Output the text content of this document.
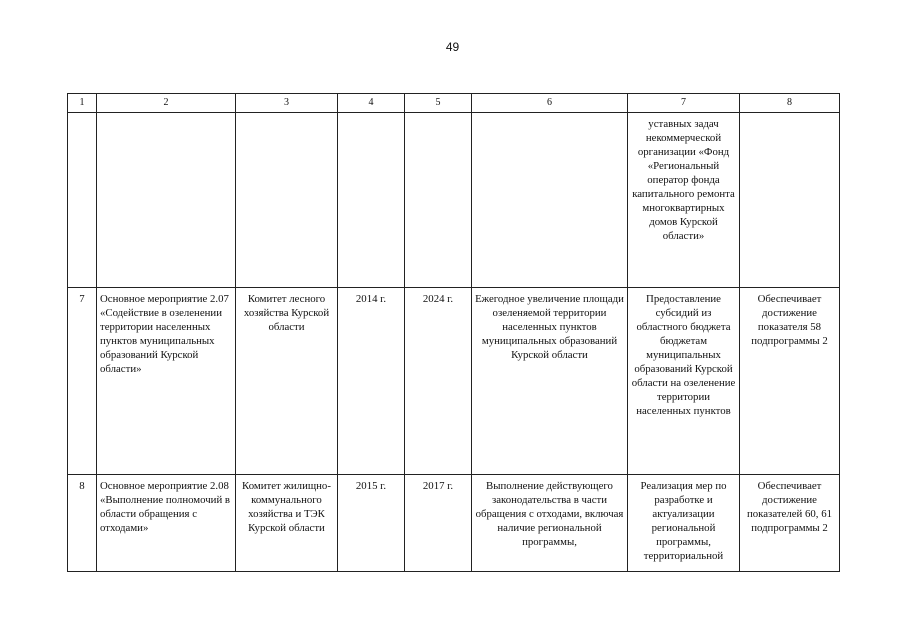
49
1	2	3	4	5	6	7	8
						уставных задач некоммерческой организации «Фонд «Региональный оператор фонда капитального ремонта многоквартирных домов Курской области»	
7	Основное мероприятие 2.07 «Содействие в озеленении территории населенных пунктов муниципальных образований Курской области»	Комитет лесного хозяйства Курской области	2014 г.	2024 г.	Ежегодное увеличение площади озеленяемой территории населенных пунктов муниципальных образований Курской области	Предоставление субсидий из областного бюджета бюджетам муниципальных образований Курской области на озеленение территории населенных пунктов	Обеспечивает достижение показателя 58 подпрограммы 2
8	Основное мероприятие 2.08 «Выполнение полномочий в области обращения с отходами»	Комитет жилищно-коммунального хозяйства и ТЭК Курской области	2015 г.	2017 г.	Выполнение действующего законодательства в части обращения с отходами, включая наличие региональной программы,	Реализация мер по разработке и актуализации региональной программы, территориальной	Обеспечивает достижение показателей 60, 61 подпрограммы 2
